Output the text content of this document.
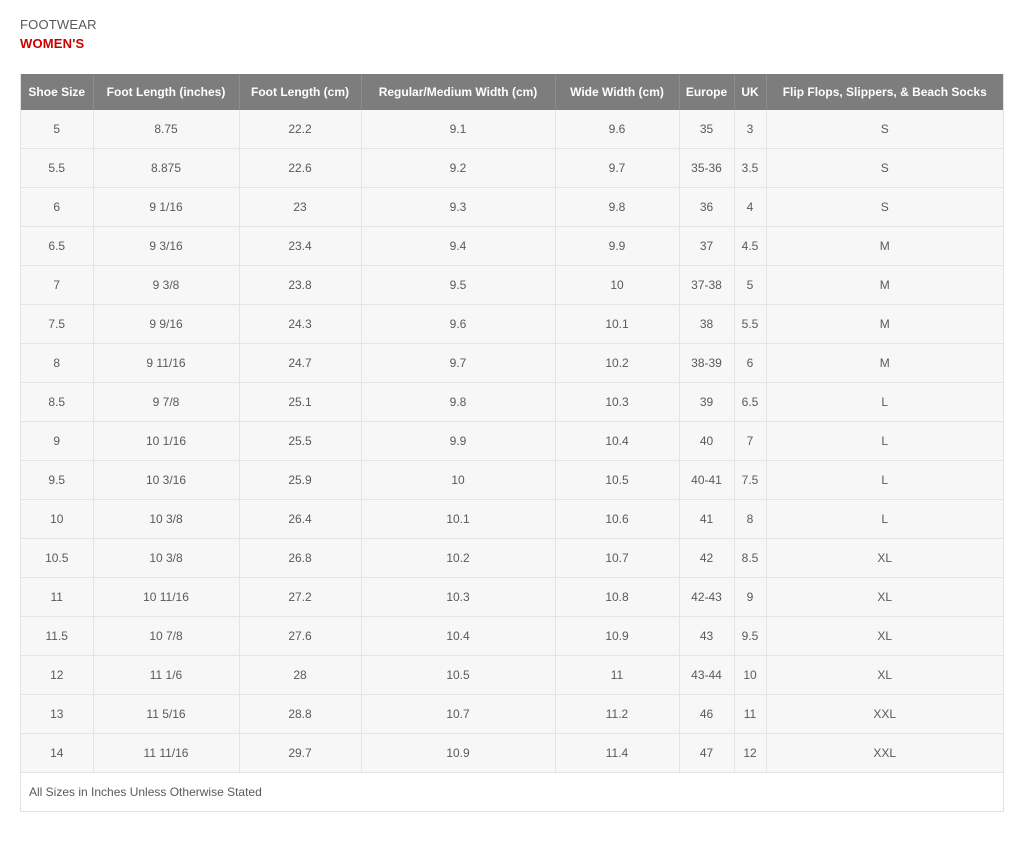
FOOTWEAR
WOMEN'S
Shoe Size	Foot Length (inches)	Foot Length (cm)	Regular/Medium Width (cm)	Wide Width (cm)	Europe	UK	Flip Flops, Slippers, & Beach Socks
5	8.75	22.2	9.1	9.6	35	3	S
5.5	8.875	22.6	9.2	9.7	35-36	3.5	S
6	9 1/16	23	9.3	9.8	36	4	S
6.5	9 3/16	23.4	9.4	9.9	37	4.5	M
7	9 3/8	23.8	9.5	10	37-38	5	M
7.5	9 9/16	24.3	9.6	10.1	38	5.5	M
8	9 11/16	24.7	9.7	10.2	38-39	6	M
8.5	9 7/8	25.1	9.8	10.3	39	6.5	L
9	10 1/16	25.5	9.9	10.4	40	7	L
9.5	10 3/16	25.9	10	10.5	40-41	7.5	L
10	10 3/8	26.4	10.1	10.6	41	8	L
10.5	10 3/8	26.8	10.2	10.7	42	8.5	XL
11	10 11/16	27.2	10.3	10.8	42-43	9	XL
11.5	10 7/8	27.6	10.4	10.9	43	9.5	XL
12	11 1/6	28	10.5	11	43-44	10	XL
13	11 5/16	28.8	10.7	11.2	46	11	XXL
14	11 11/16	29.7	10.9	11.4	47	12	XXL
All Sizes in Inches Unless Otherwise Stated
